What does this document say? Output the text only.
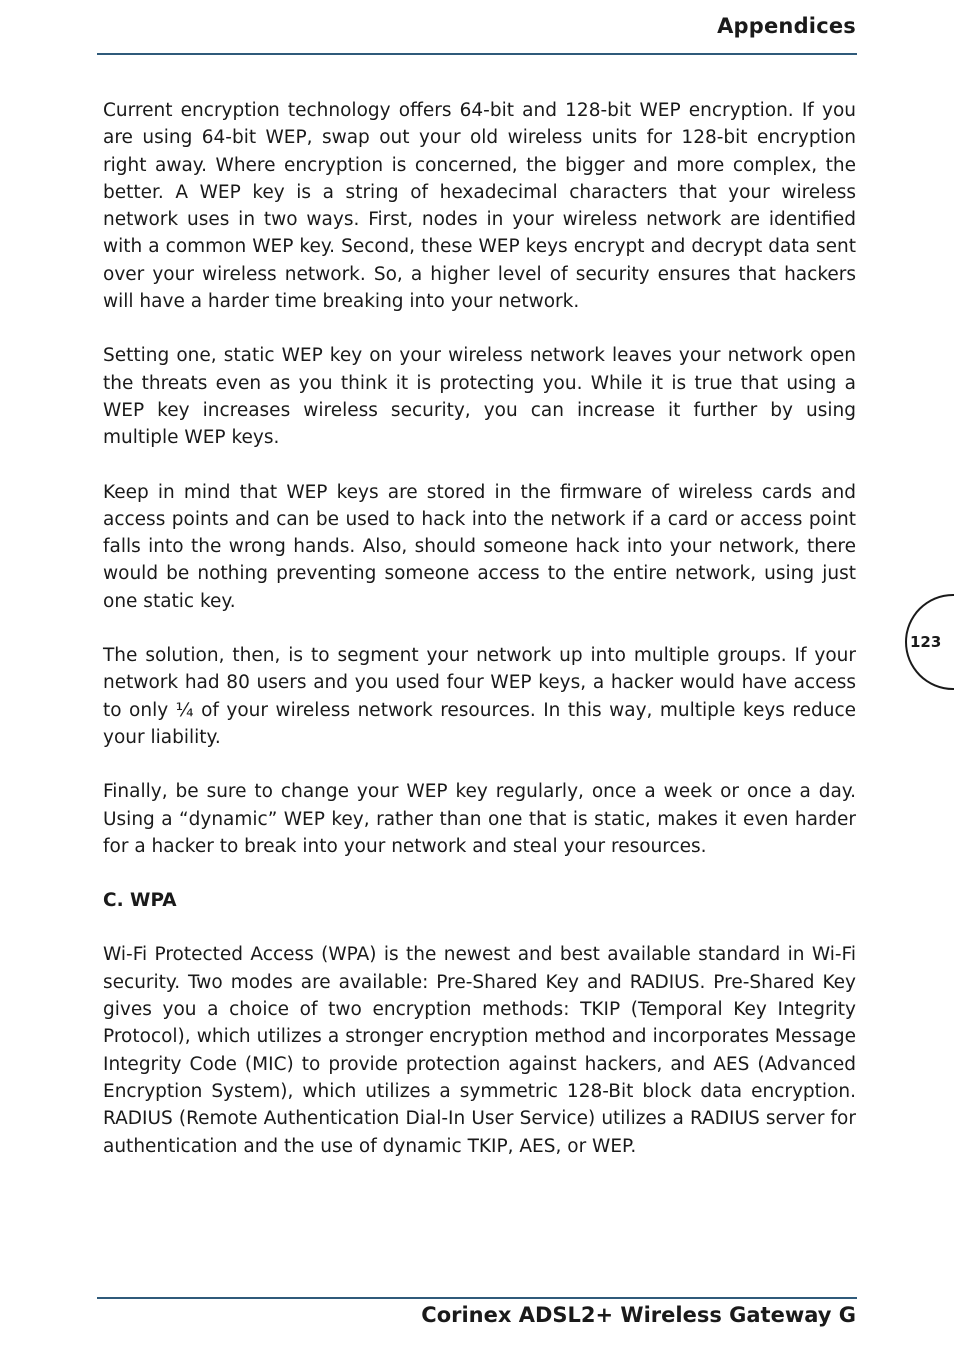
Appendices

Current encryption technology offers 64-bit and 128-bit WEP encryption. If you are using 64-bit WEP, swap out your old wireless units for 128-bit encryption right away. Where encryption is concerned, the bigger and more complex, the better. A WEP key is a string of hexadecimal characters that your wireless network uses in two ways. First, nodes in your wireless network are identified with a common WEP key. Second, these WEP keys encrypt and decrypt data sent over your wireless network. So, a higher level of security ensures that hackers will have a harder time breaking into your network.

Setting one, static WEP key on your wireless network leaves your network open the threats even as you think it is protecting you. While it is true that using a WEP key increases wireless security, you can increase it further by using multiple WEP keys.

Keep in mind that WEP keys are stored in the firmware of wireless cards and access points and can be used to hack into the network if a card or access point falls into the wrong hands. Also, should someone hack into your network, there would be nothing preventing someone access to the entire network, using just one static key.

The solution, then, is to segment your network up into multiple groups. If your network had 80 users and you used four WEP keys, a hacker would have access to only ¼ of your wireless network resources. In this way, multiple keys reduce your liability.

Finally, be sure to change your WEP key regularly, once a week or once a day. Using a “dynamic” WEP key, rather than one that is static, makes it even harder for a hacker to break into your network and steal your resources.

C. WPA

Wi-Fi Protected Access (WPA) is the newest and best available standard in Wi-Fi security. Two modes are available: Pre-Shared Key and RADIUS. Pre-Shared Key gives you a choice of two encryption methods: TKIP (Temporal Key Integrity Protocol), which utilizes a stronger encryption method and incorporates Message Integrity Code (MIC) to provide protection against hackers, and AES (Advanced Encryption System), which utilizes a symmetric 128-Bit block data encryption. RADIUS (Remote Authentication Dial-In User Service) utilizes a RADIUS server for authentication and the use of dynamic TKIP, AES, or WEP.

123
Corinex ADSL2+ Wireless Gateway G
